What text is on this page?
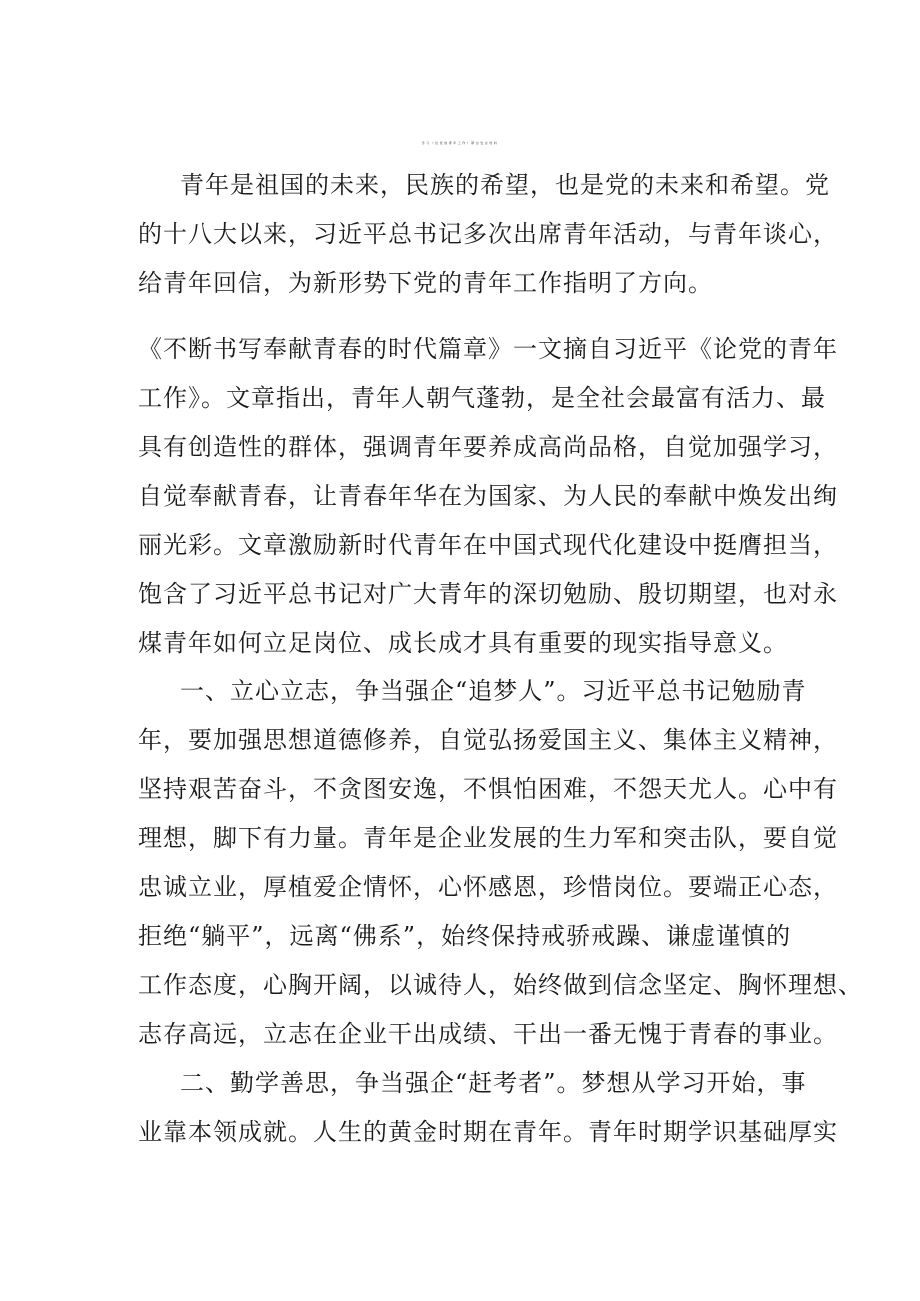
学习《论党的青年工作》研讨发言材料
青年是祖国的未来，民族的希望，也是党的未来和希望。党
的十八大以来，习近平总书记多次出席青年活动，与青年谈心，
给青年回信，为新形势下党的青年工作指明了方向。
《不断书写奉献青春的时代篇章》一文摘自习近平《论党的青年
工作》。文章指出，青年人朝气蓬勃，是全社会最富有活力、最
具有创造性的群体，强调青年要养成高尚品格，自觉加强学习，
自觉奉献青春，让青春年华在为国家、为人民的奉献中焕发出绚
丽光彩。文章激励新时代青年在中国式现代化建设中挺膺担当，
饱含了习近平总书记对广大青年的深切勉励、殷切期望，也对永
煤青年如何立足岗位、成长成才具有重要的现实指导意义。
一、立心立志，争当强企“追梦人”。习近平总书记勉励青
年，要加强思想道德修养，自觉弘扬爱国主义、集体主义精神，
坚持艰苦奋斗，不贪图安逸，不惧怕困难，不怨天尤人。心中有
理想，脚下有力量。青年是企业发展的生力军和突击队，要自觉
忠诚立业，厚植爱企情怀，心怀感恩，珍惜岗位。要端正心态，
拒绝“躺平”，远离“佛系”，始终保持戒骄戒躁、谦虚谨慎的
工作态度，心胸开阔，以诚待人，始终做到信念坚定、胸怀理想、
志存高远，立志在企业干出成绩、干出一番无愧于青春的事业。
二、勤学善思，争当强企“赶考者”。梦想从学习开始，事
业靠本领成就。人生的黄金时期在青年。青年时期学识基础厚实
